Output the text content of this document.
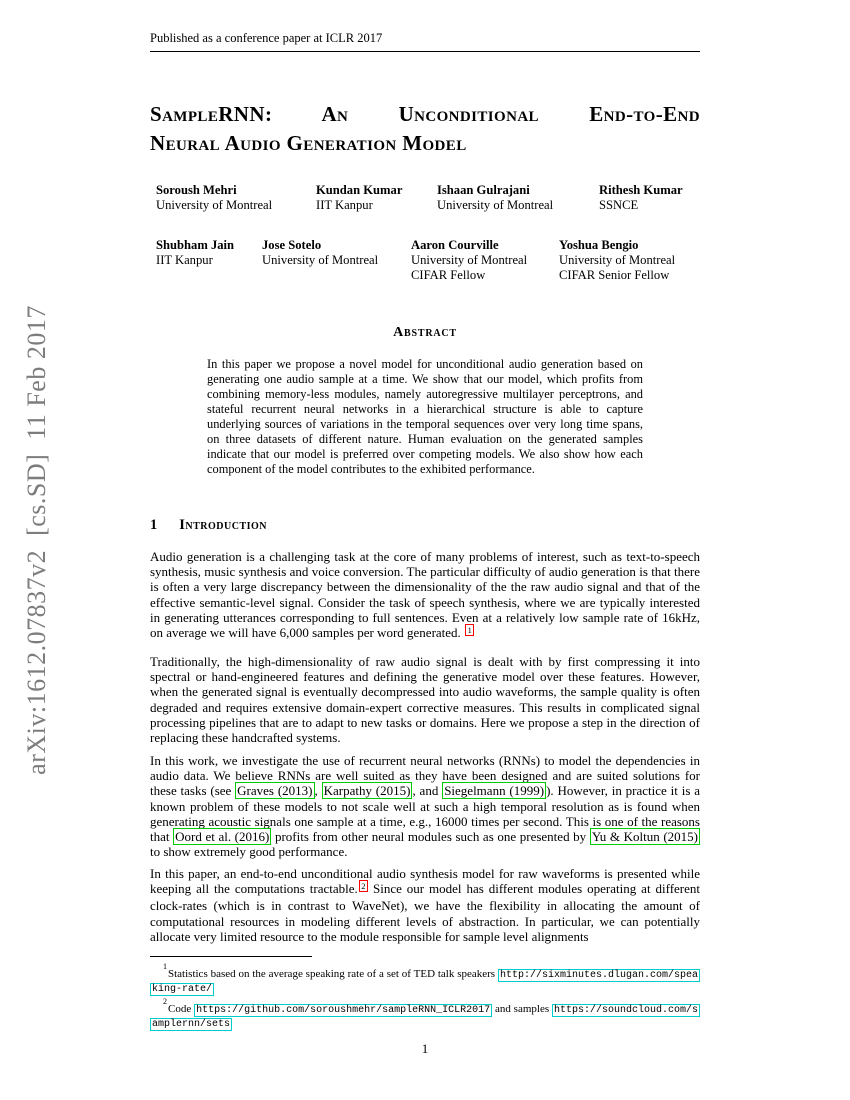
arXiv:1612.07837v2  [cs.SD]  11 Feb 2017
Published as a conference paper at ICLR 2017
SampleRNN: An Unconditional End-to-End
Neural Audio Generation Model
Soroush Mehri
University of Montreal
Kundan Kumar
IIT Kanpur
Ishaan Gulrajani
University of Montreal
Rithesh Kumar
SSNCE
Shubham Jain
IIT Kanpur
Jose Sotelo
University of Montreal
Aaron Courville
University of Montreal
CIFAR Fellow
Yoshua Bengio
University of Montreal
CIFAR Senior Fellow
Abstract
In this paper we propose a novel model for unconditional audio generation based on generating one audio sample at a time. We show that our model, which profits from combining memory-less modules, namely autoregressive multilayer perceptrons, and stateful recurrent neural networks in a hierarchical structure is able to capture underlying sources of variations in the temporal sequences over very long time spans, on three datasets of different nature. Human evaluation on the generated samples indicate that our model is preferred over competing models. We also show how each component of the model contributes to the exhibited performance.
1 Introduction

Audio generation is a challenging task at the core of many problems of interest, such as text-to-speech synthesis, music synthesis and voice conversion. The particular difficulty of audio generation is that there is often a very large discrepancy between the dimensionality of the the raw audio signal and that of the effective semantic-level signal. Consider the task of speech synthesis, where we are typically interested in generating utterances corresponding to full sentences. Even at a relatively low sample rate of 16kHz, on average we will have 6,000 samples per word generated. $^1$

Traditionally, the high-dimensionality of raw audio signal is dealt with by first compressing it into spectral or hand-engineered features and defining the generative model over these features. However, when the generated signal is eventually decompressed into audio waveforms, the sample quality is often degraded and requires extensive domain-expert corrective measures. This results in complicated signal processing pipelines that are to adapt to new tasks or domains. Here we propose a step in the direction of replacing these handcrafted systems.

In this work, we investigate the use of recurrent neural networks (RNNs) to model the dependencies in audio data. We believe RNNs are well suited as they have been designed and are suited solutions for these tasks (see Graves (2013) , Karpathy (2015) , and Siegelmann (1999) ). However, in practice it is a known problem of these models to not scale well at such a high temporal resolution as is found when generating acoustic signals one sample at a time, e.g., 16000 times per second. This is one of the reasons that Oord et al. (2016) profits from other neural modules such as one presented by Yu & Koltun (2015) to show extremely good performance.

In this paper, an end-to-end unconditional audio synthesis model for raw waveforms is presented while keeping all the computations tractable. $^2$ Since our model has different modules operating at different clock-rates (which is in contrast to WaveNet), we have the flexibility in allocating the amount of computational resources in modeling different levels of abstraction. In particular, we can potentially allocate very limited resource to the module responsible for sample level alignments

$^1$Statistics based on the average speaking rate of a set of TED talk speakers http://sixminutes.dlugan.com/speaking-rate/
$^2$Code https://github.com/soroushmehr/sampleRNN_ICLR2017 and samples https://soundcloud.com/samplernn/sets
1
